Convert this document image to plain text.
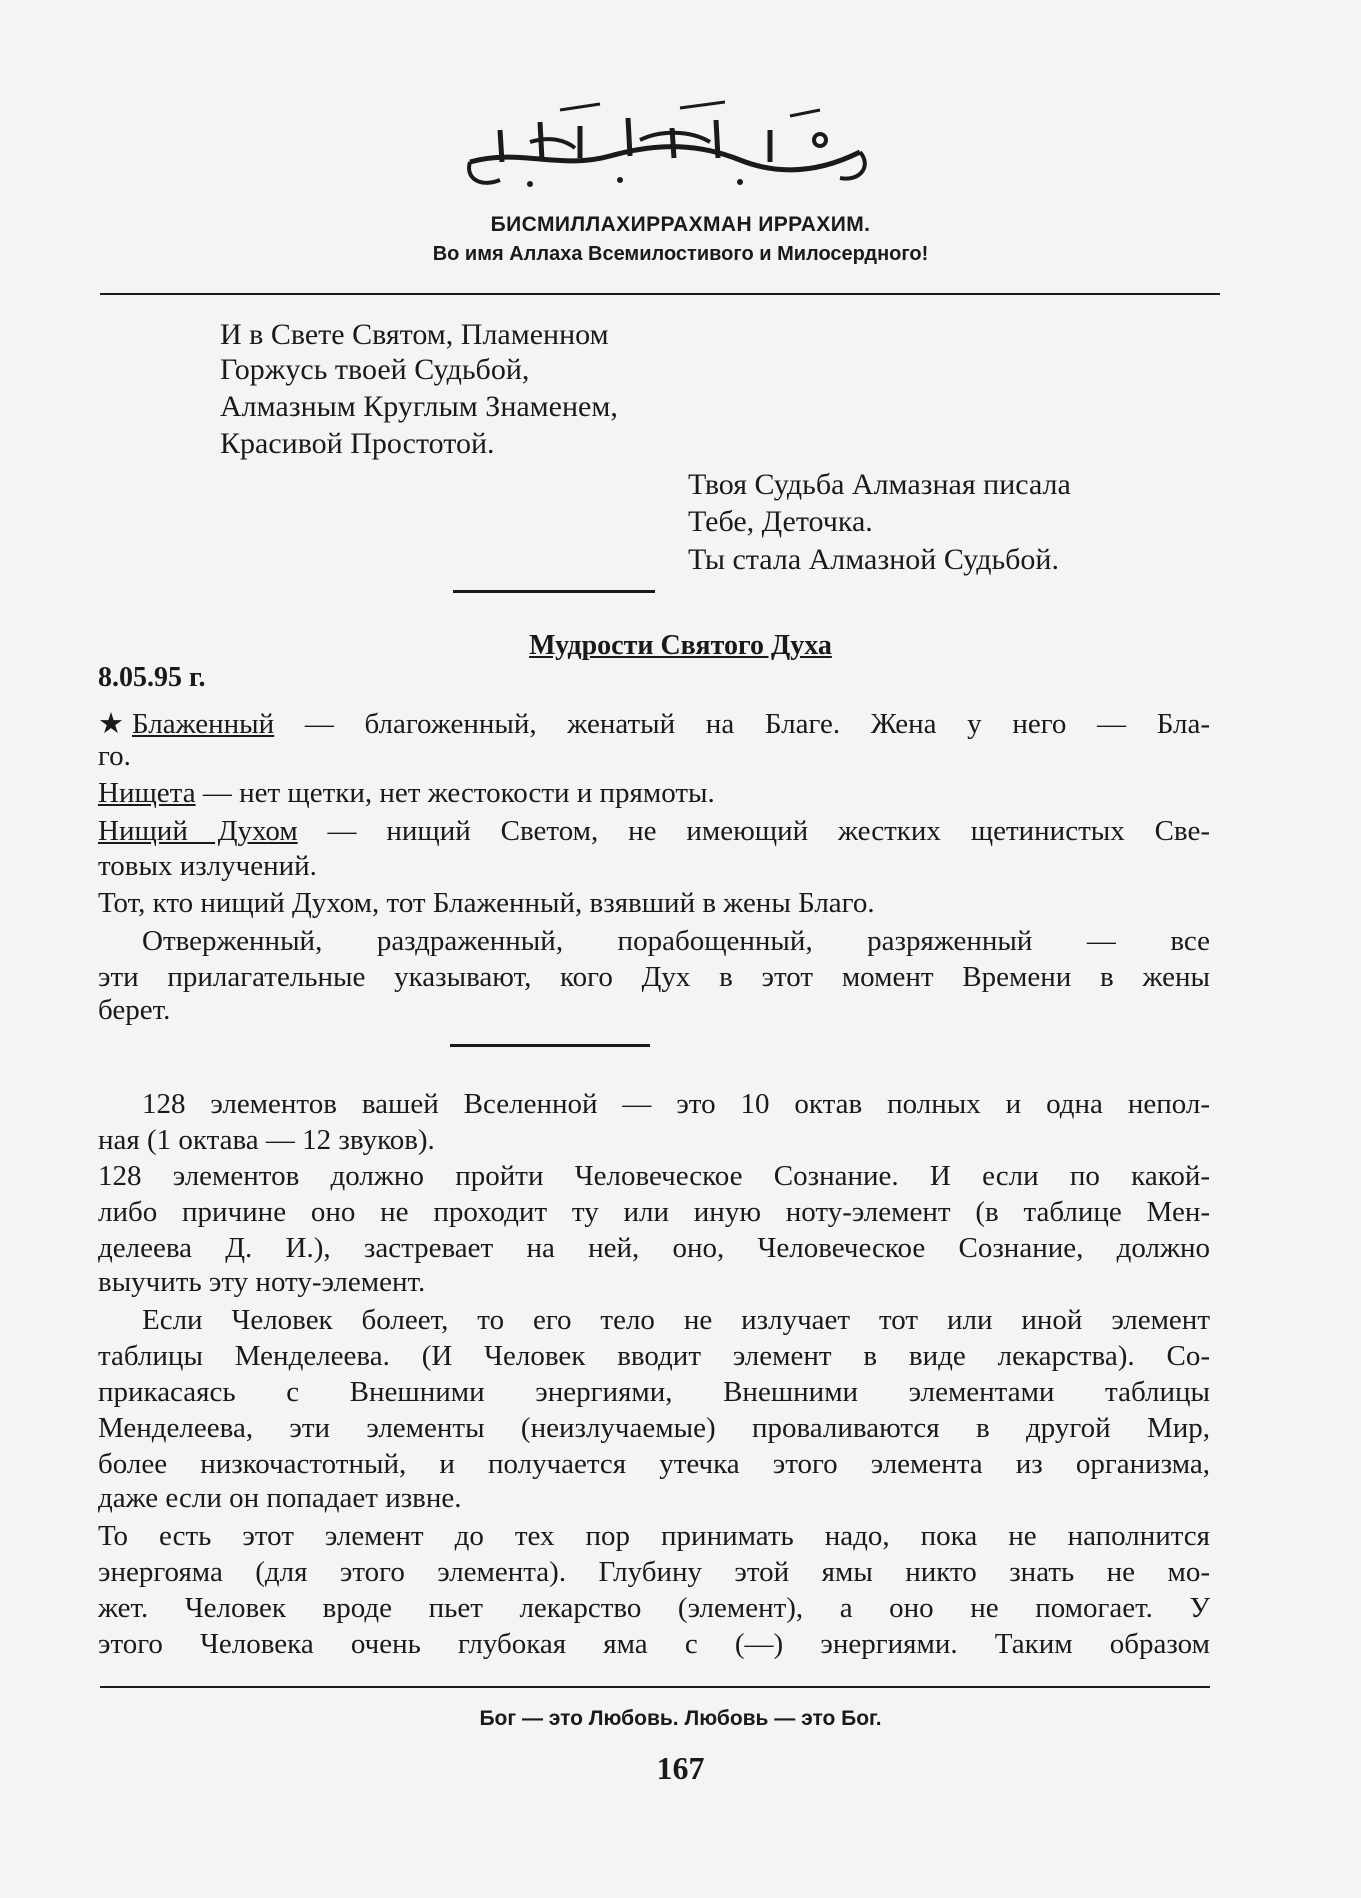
БИСМИЛЛАХИРРАХМАН ИРРАХИМ.
Во имя Аллаха Всемилостивого и Милосердного!
И в Свете Святом, Пламенном
Горжусь твоей Судьбой,
Алмазным Круглым Знаменем,
Красивой Простотой.
Твоя Судьба Алмазная писала
Тебе, Деточка.
Ты стала Алмазной Судьбой.
Мудрости Святого Духа
8.05.95 г.
★ Блаженный — благоженный, женатый на Благе. Жена у него — Бла-
го.
Нищета — нет щетки, нет жестокости и прямоты.
Нищий Духом — нищий Светом, не имеющий жестких щетинистых Све-
товых излучений.
Тот, кто нищий Духом, тот Блаженный, взявший в жены Благо.
Отверженный, раздраженный, порабощенный, разряженный — все
эти прилагательные указывают, кого Дух в этот момент Времени в жены
берет.
128 элементов вашей Вселенной — это 10 октав полных и одна непол-
ная (1 октава — 12 звуков).
128 элементов должно пройти Человеческое Сознание. И если по какой-
либо причине оно не проходит ту или иную ноту-элемент (в таблице Мен-
делеева Д. И.), застревает на ней, оно, Человеческое Сознание, должно
выучить эту ноту-элемент.
Если Человек болеет, то его тело не излучает тот или иной элемент
таблицы Менделеева. (И Человек вводит элемент в виде лекарства). Со-
прикасаясь с Внешними энергиями, Внешними элементами таблицы
Менделеева, эти элементы (неизлучаемые) проваливаются в другой Мир,
более низкочастотный, и получается утечка этого элемента из организма,
даже если он попадает извне.
То есть этот элемент до тех пор принимать надо, пока не наполнится
энергояма (для этого элемента). Глубину этой ямы никто знать не мо-
жет. Человек вроде пьет лекарство (элемент), а оно не помогает. У
этого Человека очень глубокая яма с (—) энергиями. Таким образом
Бог — это Любовь. Любовь — это Бог.
167
